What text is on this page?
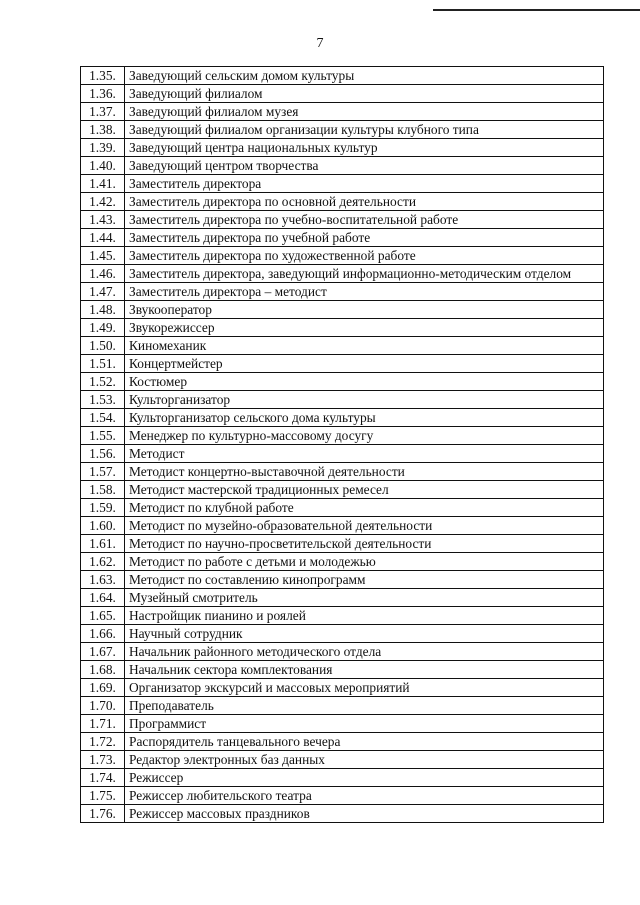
7
1.35.	Заведующий сельским домом культуры
1.36.	Заведующий филиалом
1.37.	Заведующий филиалом музея
1.38.	Заведующий филиалом организации культуры клубного типа
1.39.	Заведующий центра национальных культур
1.40.	Заведующий центром творчества
1.41.	Заместитель директора
1.42.	Заместитель директора по основной деятельности
1.43.	Заместитель директора по учебно-воспитательной работе
1.44.	Заместитель директора по учебной работе
1.45.	Заместитель директора по художественной работе
1.46.	Заместитель директора, заведующий информационно-методическим отделом
1.47.	Заместитель директора – методист
1.48.	Звукооператор
1.49.	Звукорежиссер
1.50.	Киномеханик
1.51.	Концертмейстер
1.52.	Костюмер
1.53.	Культорганизатор
1.54.	Культорганизатор сельского дома культуры
1.55.	Менеджер по культурно-массовому досугу
1.56.	Методист
1.57.	Методист концертно-выставочной деятельности
1.58.	Методист мастерской традиционных ремесел
1.59.	Методист по клубной работе
1.60.	Методист по музейно-образовательной деятельности
1.61.	Методист по научно-просветительской деятельности
1.62.	Методист по работе с детьми и молодежью
1.63.	Методист по составлению кинопрограмм
1.64.	Музейный смотритель
1.65.	Настройщик пианино и роялей
1.66.	Научный сотрудник
1.67.	Начальник районного методического отдела
1.68.	Начальник сектора комплектования
1.69.	Организатор экскурсий и массовых мероприятий
1.70.	Преподаватель
1.71.	Программист
1.72.	Распорядитель танцевального вечера
1.73.	Редактор электронных баз данных
1.74.	Режиссер
1.75.	Режиссер любительского театра
1.76.	Режиссер массовых праздников
